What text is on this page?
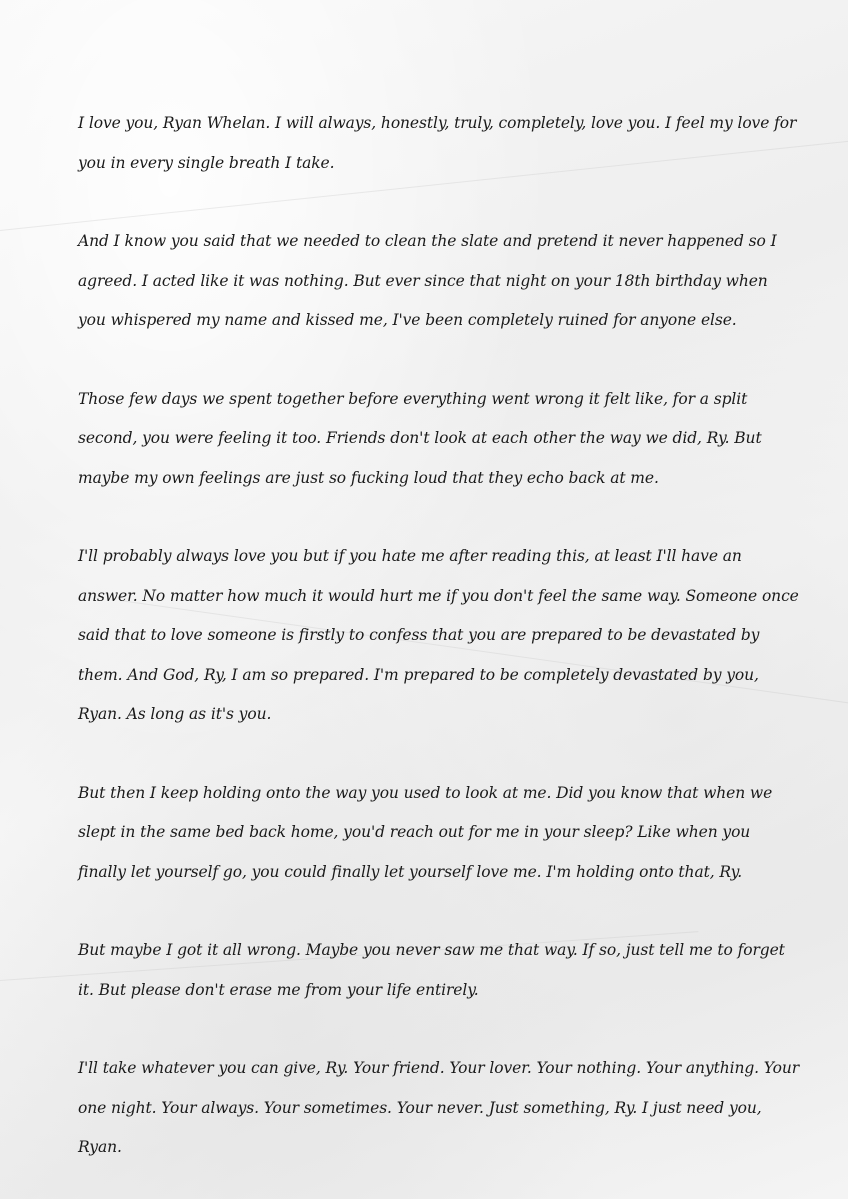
I love you, Ryan Whelan. I will always, honestly, truly, completely, love you. I feel my love for you in every single breath I take.

And I know you said that we needed to clean the slate and pretend it never happened so I agreed. I acted like it was nothing. But ever since that night on your 18th birthday when you whispered my name and kissed me, I've been completely ruined for anyone else.

Those few days we spent together before everything went wrong it felt like, for a split second, you were feeling it too. Friends don't look at each other the way we did, Ry. But maybe my own feelings are just so fucking loud that they echo back at me.

I'll probably always love you but if you hate me after reading this, at least I'll have an answer. No matter how much it would hurt me if you don't feel the same way. Someone once said that to love someone is firstly to confess that you are prepared to be devastated by them. And God, Ry, I am so prepared. I'm prepared to be completely devastated by you, Ryan. As long as it's you.

But then I keep holding onto the way you used to look at me. Did you know that when we slept in the same bed back home, you'd reach out for me in your sleep? Like when you finally let yourself go, you could finally let yourself love me. I'm holding onto that, Ry.

But maybe I got it all wrong. Maybe you never saw me that way. If so, just tell me to forget it. But please don't erase me from your life entirely.

I'll take whatever you can give, Ry. Your friend. Your lover. Your nothing. Your anything. Your one night. Your always. Your sometimes. Your never. Just something, Ry. I just need you, Ryan.
